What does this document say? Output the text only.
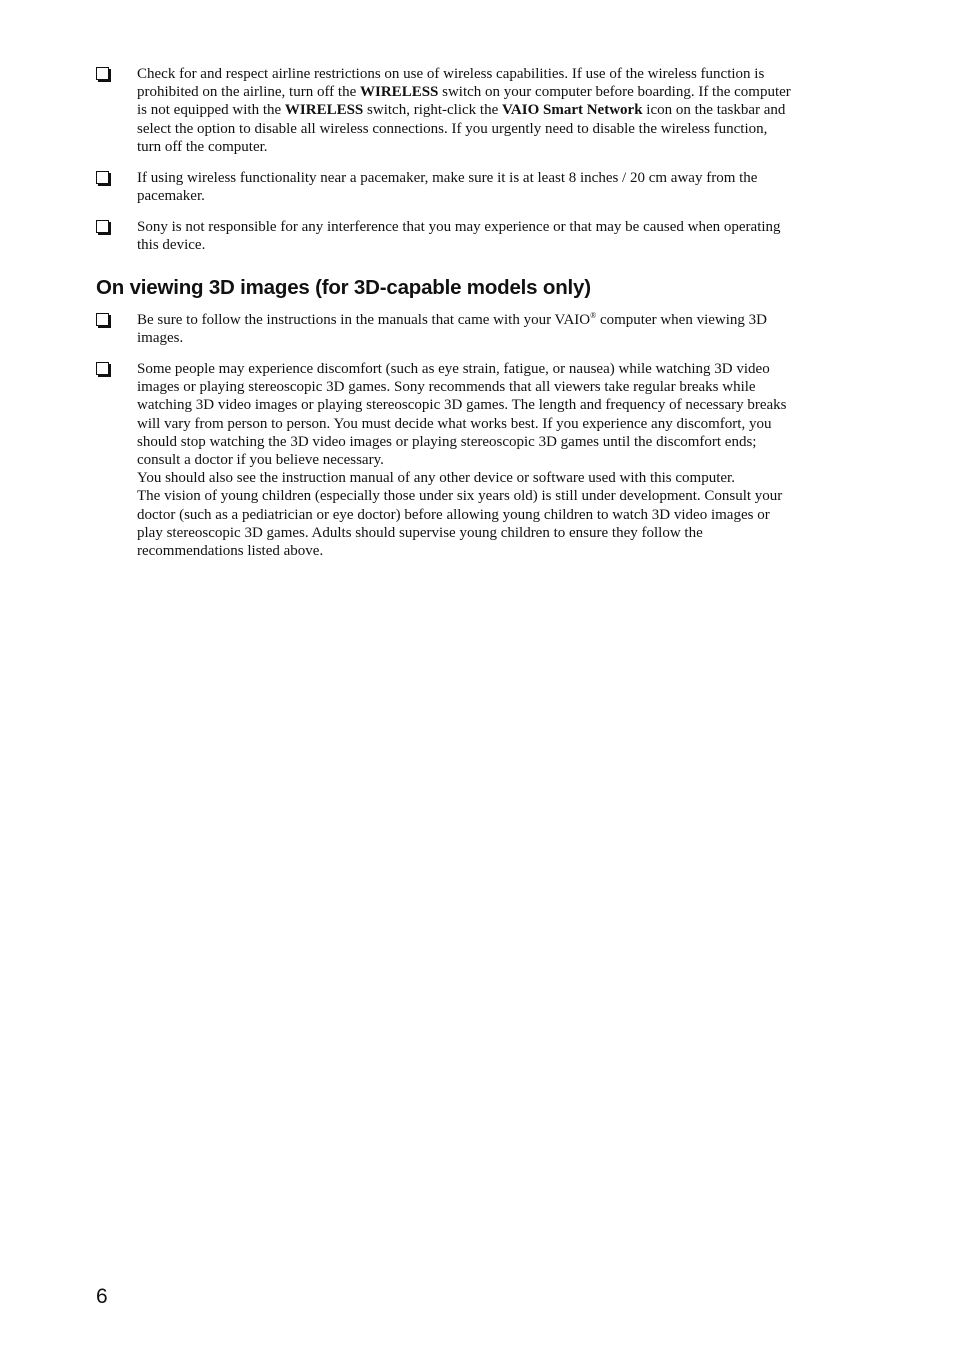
Check for and respect airline restrictions on use of wireless capabilities. If use of the wireless function is
prohibited on the airline, turn off the WIRELESS switch on your computer before boarding. If the computer
is not equipped with the WIRELESS switch, right-click the VAIO Smart Network icon on the taskbar and
select the option to disable all wireless connections. If you urgently need to disable the wireless function,
turn off the computer.
If using wireless functionality near a pacemaker, make sure it is at least 8 inches / 20 cm away from the
pacemaker.
Sony is not responsible for any interference that you may experience or that may be caused when operating
this device.
On viewing 3D images (for 3D-capable models only)
Be sure to follow the instructions in the manuals that came with your VAIO® computer when viewing 3D
images.
Some people may experience discomfort (such as eye strain, fatigue, or nausea) while watching 3D video
images or playing stereoscopic 3D games. Sony recommends that all viewers take regular breaks while
watching 3D video images or playing stereoscopic 3D games. The length and frequency of necessary breaks
will vary from person to person. You must decide what works best. If you experience any discomfort, you
should stop watching the 3D video images or playing stereoscopic 3D games until the discomfort ends;
consult a doctor if you believe necessary.
You should also see the instruction manual of any other device or software used with this computer.
The vision of young children (especially those under six years old) is still under development. Consult your
doctor (such as a pediatrician or eye doctor) before allowing young children to watch 3D video images or
play stereoscopic 3D games. Adults should supervise young children to ensure they follow the
recommendations listed above.
6
